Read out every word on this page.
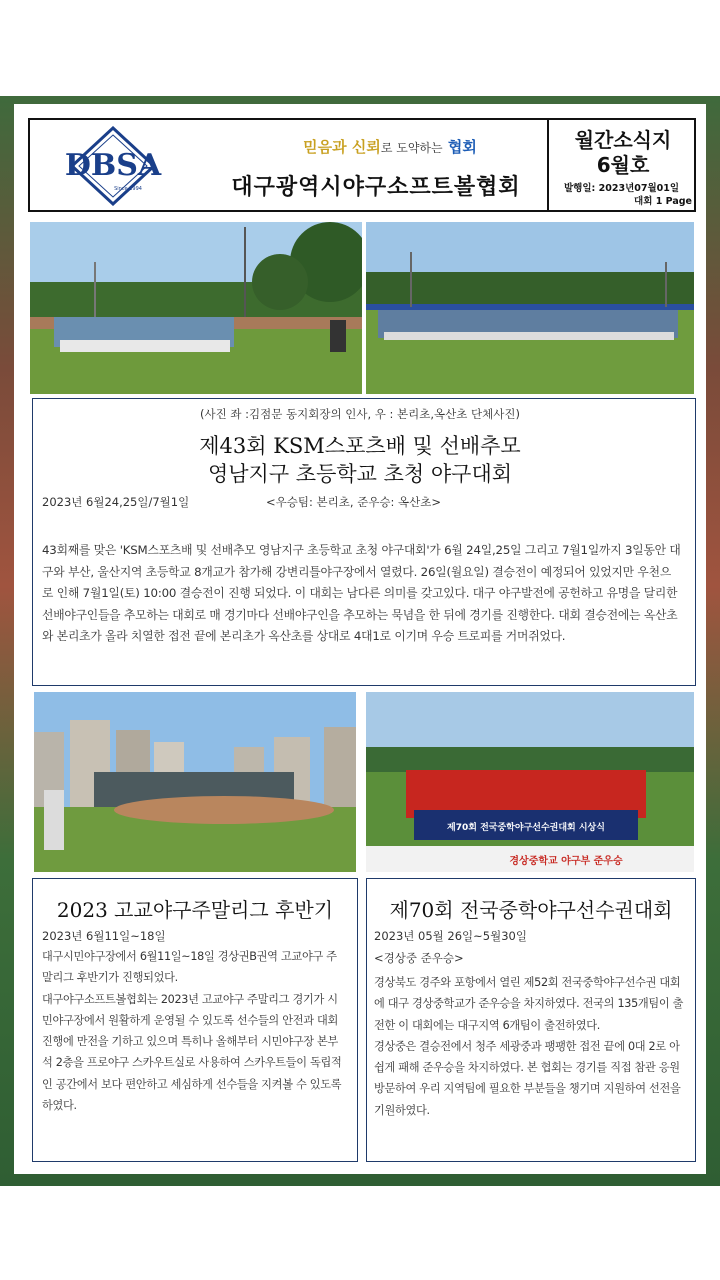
DBSA
Since 1994
믿음과 신뢰로 도약하는 협회
대구광역시야구소프트볼협회
월간소식지
6월호
발행일: 2023년07월01일
대회 1 Page
(사진 좌 :김점문 동지회장의 인사, 우 : 본리초,옥산초 단체사진)
제43회 KSM스포츠배 및 선배추모
영남지구 초등학교 초청 야구대회
2023년 6월24,25일/7월1일	<우승팀: 본리초, 준우승: 옥산초>
43회째를 맞은 'KSM스포츠배 및 선배추모 영남지구 초등학교 초청 야구대회'가 6월 24일,25일 그리고 7월1일까지 3일동안 대구와 부산, 울산지역 초등학교 8개교가 참가해 강변리틀야구장에서 열렸다. 26일(월요일) 결승전이 예정되어 있었지만 우천으로 인해 7월1일(토) 10:00 결승전이 진행 되었다. 이 대회는 남다른 의미를 갖고있다. 대구 야구발전에 공헌하고 유명을 달리한 선배야구인들을 추모하는 대회로 매 경기마다 선배야구인을 추모하는 묵념을 한 뒤에 경기를 진행한다. 대회 결승전에는 옥산초와 본리초가 올라 치열한 접전 끝에 본리초가 옥산초를 상대로 4대1로 이기며 우승 트로피를 거머쥐었다.
제70회 전국중학야구선수권대회 시상식
경상중학교 야구부 준우승
2023 고교야구주말리그 후반기
2023년 6월11일~18일

대구시민야구장에서 6월11일~18일 경상권B권역 고교야구 주말리그 후반기가 진행되었다.

대구야구소프트볼협회는 2023년 고교야구 주말리그 경기가 시민야구장에서 원활하게 운영될 수 있도록 선수들의 안전과 대회진행에 만전을 기하고 있으며 특히나 올해부터 시민야구장 본부석 2층을 프로야구 스카우트실로 사용하여 스카우트들이 독립적인 공간에서 보다 편안하고 세심하게 선수들을 지켜볼 수 있도록 하였다.

제70회 전국중학야구선수권대회
2023년 05월 26일~5월30일
<경상중 준우승>

경상북도 경주와 포항에서 열린 제52회 전국중학야구선수권 대회에 대구 경상중학교가 준우승을 차지하였다. 전국의 135개팀이 출전한 이 대회에는 대구지역 6개팀이 출전하였다.

경상중은 결승전에서 청주 세광중과 팽팽한 접전 끝에 0대 2로 아쉽게 패해 준우승을 차지하였다. 본 협회는 경기를 직접 참관 응원방문하여 우리 지역팀에 필요한 부분들을 챙기며 지원하여 선전을 기원하였다.
